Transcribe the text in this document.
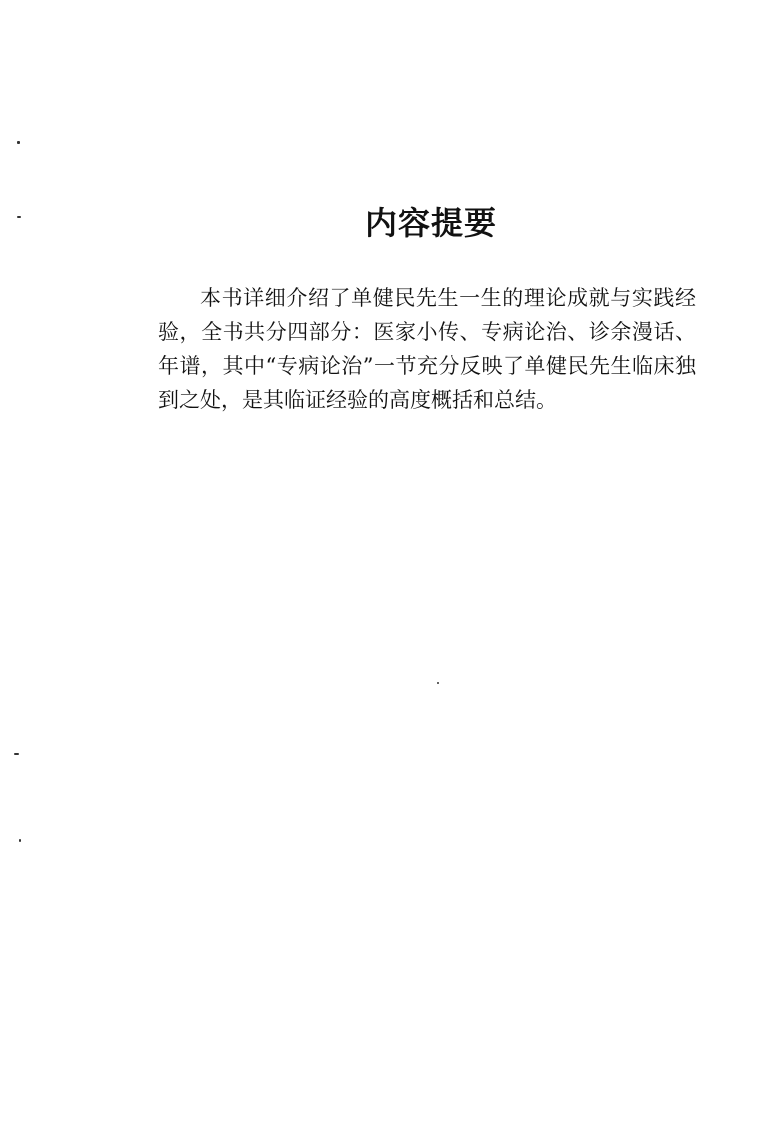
内容提要

本书详细介绍了单健民先生一生的理论成就与实践经验，全书共分四部分：医家小传、专病论治、诊余漫话、年谱，其中“专病论治”一节充分反映了单健民先生临床独到之处，是其临证经验的高度概括和总结。
